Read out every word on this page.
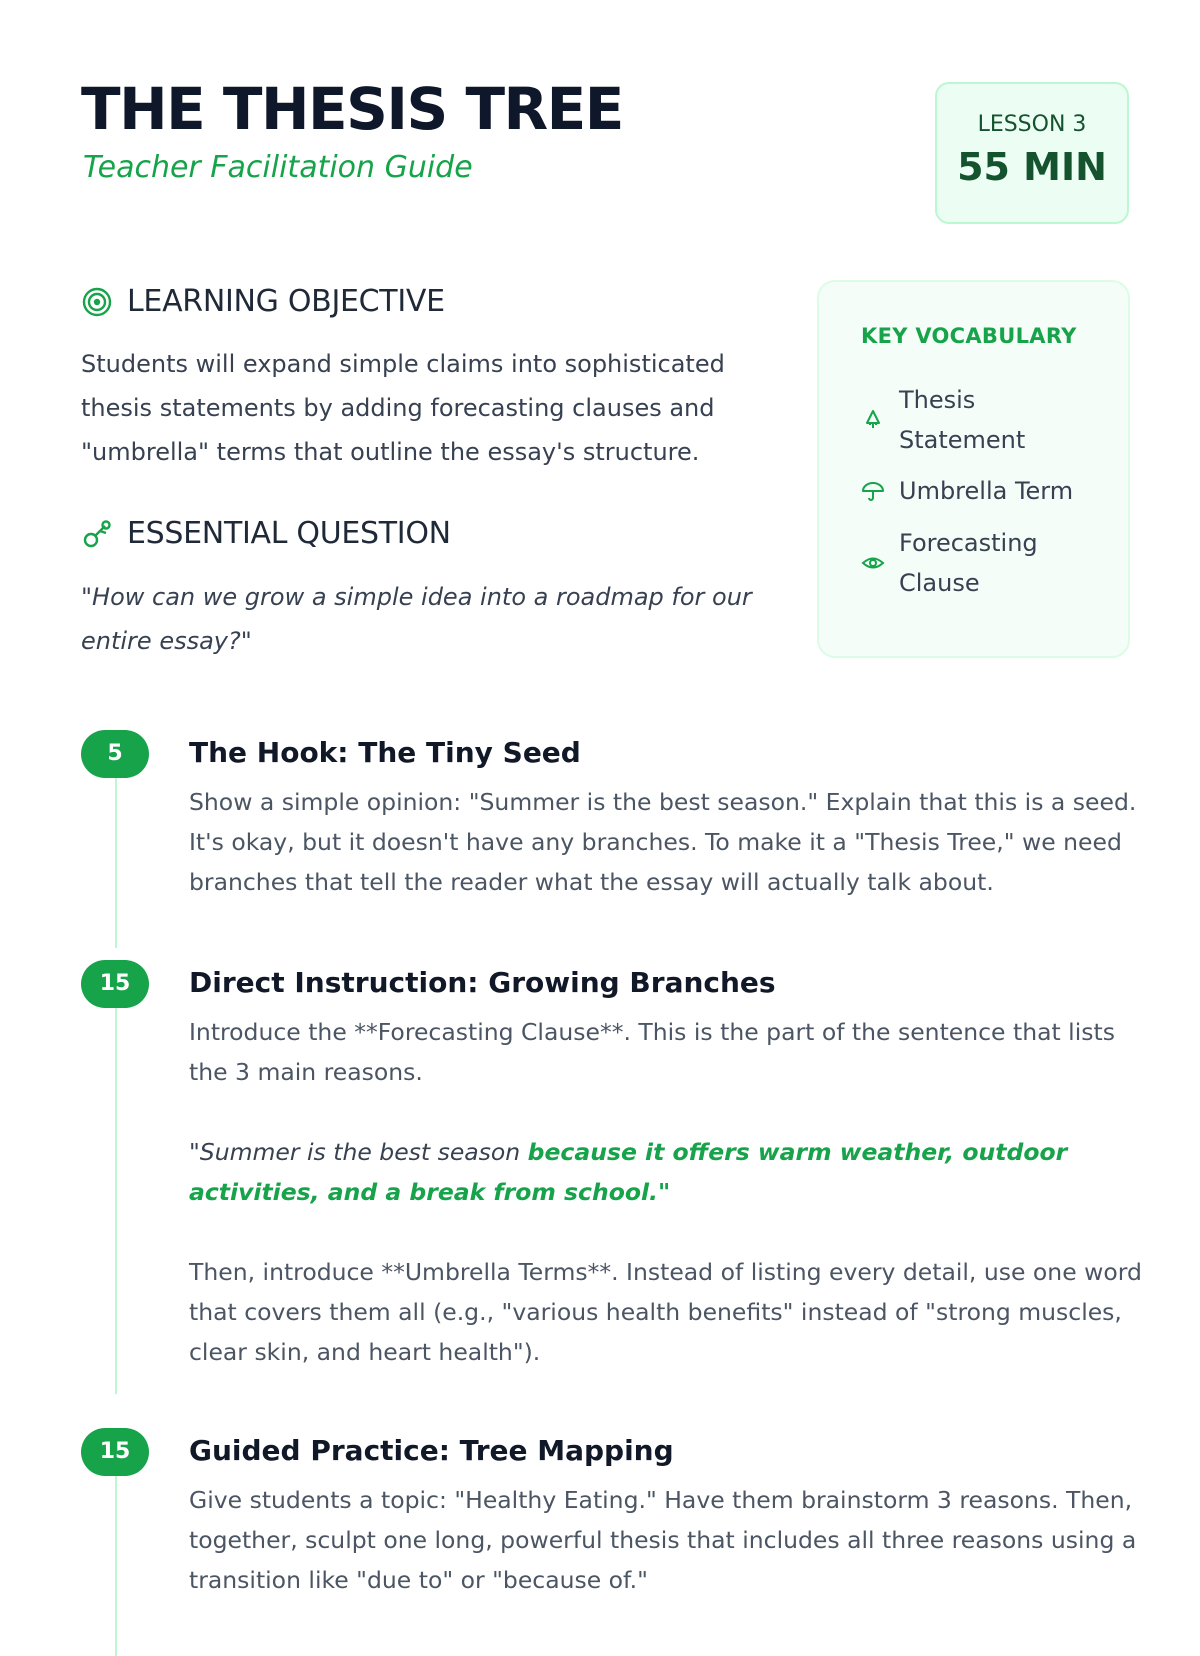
THE THESIS TREE
Teacher Facilitation Guide
LESSON 3
55 MIN
LEARNING OBJECTIVE
Students will expand simple claims into sophisticated thesis statements by adding forecasting clauses and "umbrella" terms that outline the essay's structure.
ESSENTIAL QUESTION
"How can we grow a simple idea into a roadmap for our entire essay?"
KEY VOCABULARY
Thesis Statement
Umbrella Term
Forecasting Clause
5	The Hook: The Tiny Seed

Show a simple opinion: "Summer is the best season." Explain that this is a seed. It's okay, but it doesn't have any branches. To make it a "Thesis Tree," we need branches that tell the reader what the essay will actually talk about.

15	Direct Instruction: Growing Branches

Introduce the **Forecasting Clause**. This is the part of the sentence that lists the 3 main reasons.

"Summer is the best season because it offers warm weather, outdoor activities, and a break from school."

Then, introduce **Umbrella Terms**. Instead of listing every detail, use one word that covers them all (e.g., "various health benefits" instead of "strong muscles, clear skin, and heart health").

15	Guided Practice: Tree Mapping

Give students a topic: "Healthy Eating." Have them brainstorm 3 reasons. Then, together, sculpt one long, powerful thesis that includes all three reasons using a transition like "due to" or "because of."
